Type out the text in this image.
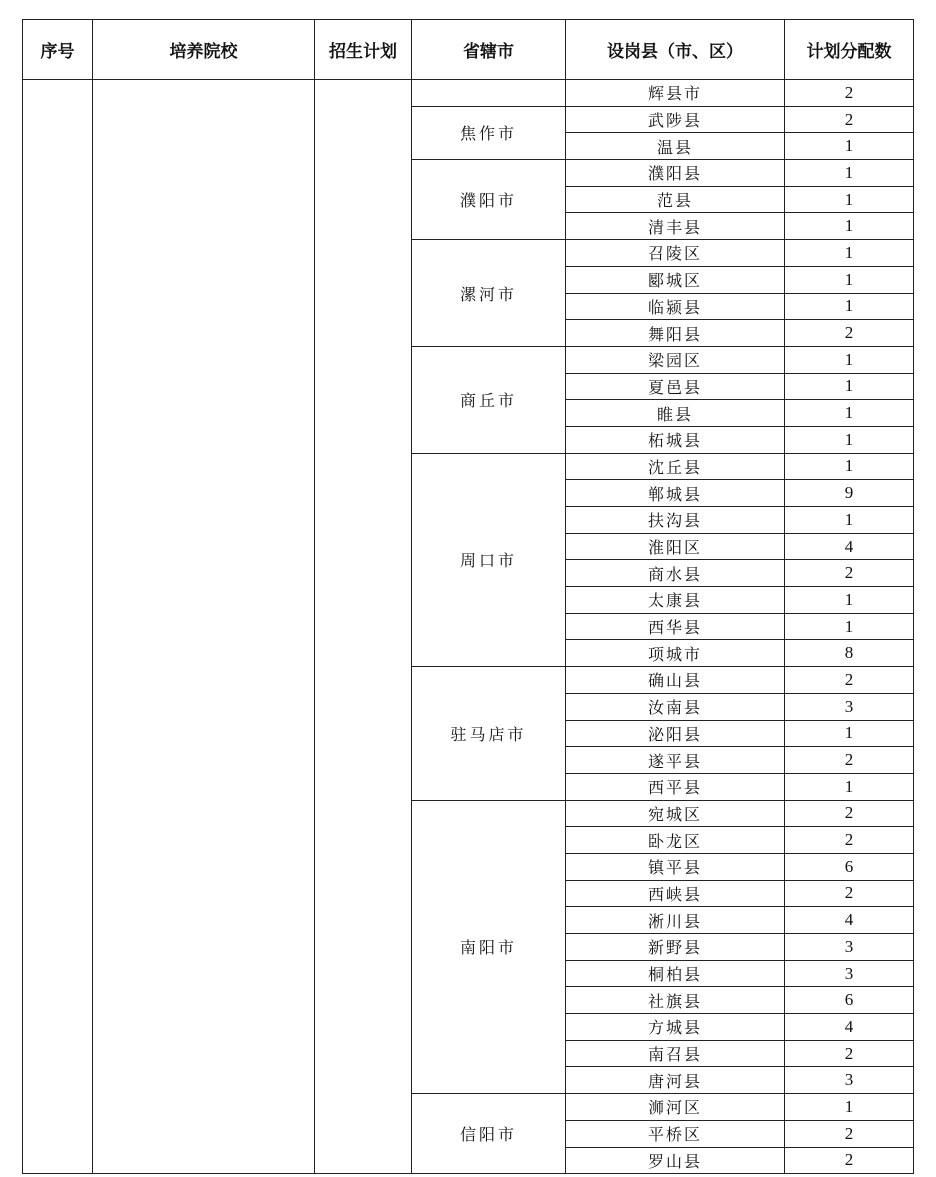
序号	培养院校	招生计划	省辖市	设岗县（市、区）	计划分配数
				辉县市	2
			焦作市	武陟县	2
				温县	1
			濮阳市	濮阳县	1
				范县	1
				清丰县	1
			漯河市	召陵区	1
				郾城区	1
				临颍县	1
				舞阳县	2
			商丘市	梁园区	1
				夏邑县	1
				睢县	1
				柘城县	1
			周口市	沈丘县	1
				郸城县	9
				扶沟县	1
				淮阳区	4
				商水县	2
				太康县	1
				西华县	1
				项城市	8
			驻马店市	确山县	2
				汝南县	3
				泌阳县	1
				遂平县	2
				西平县	1
			南阳市	宛城区	2
				卧龙区	2
				镇平县	6
				西峡县	2
				淅川县	4
				新野县	3
				桐柏县	3
				社旗县	6
				方城县	4
				南召县	2
				唐河县	3
			信阳市	浉河区	1
				平桥区	2
				罗山县	2
